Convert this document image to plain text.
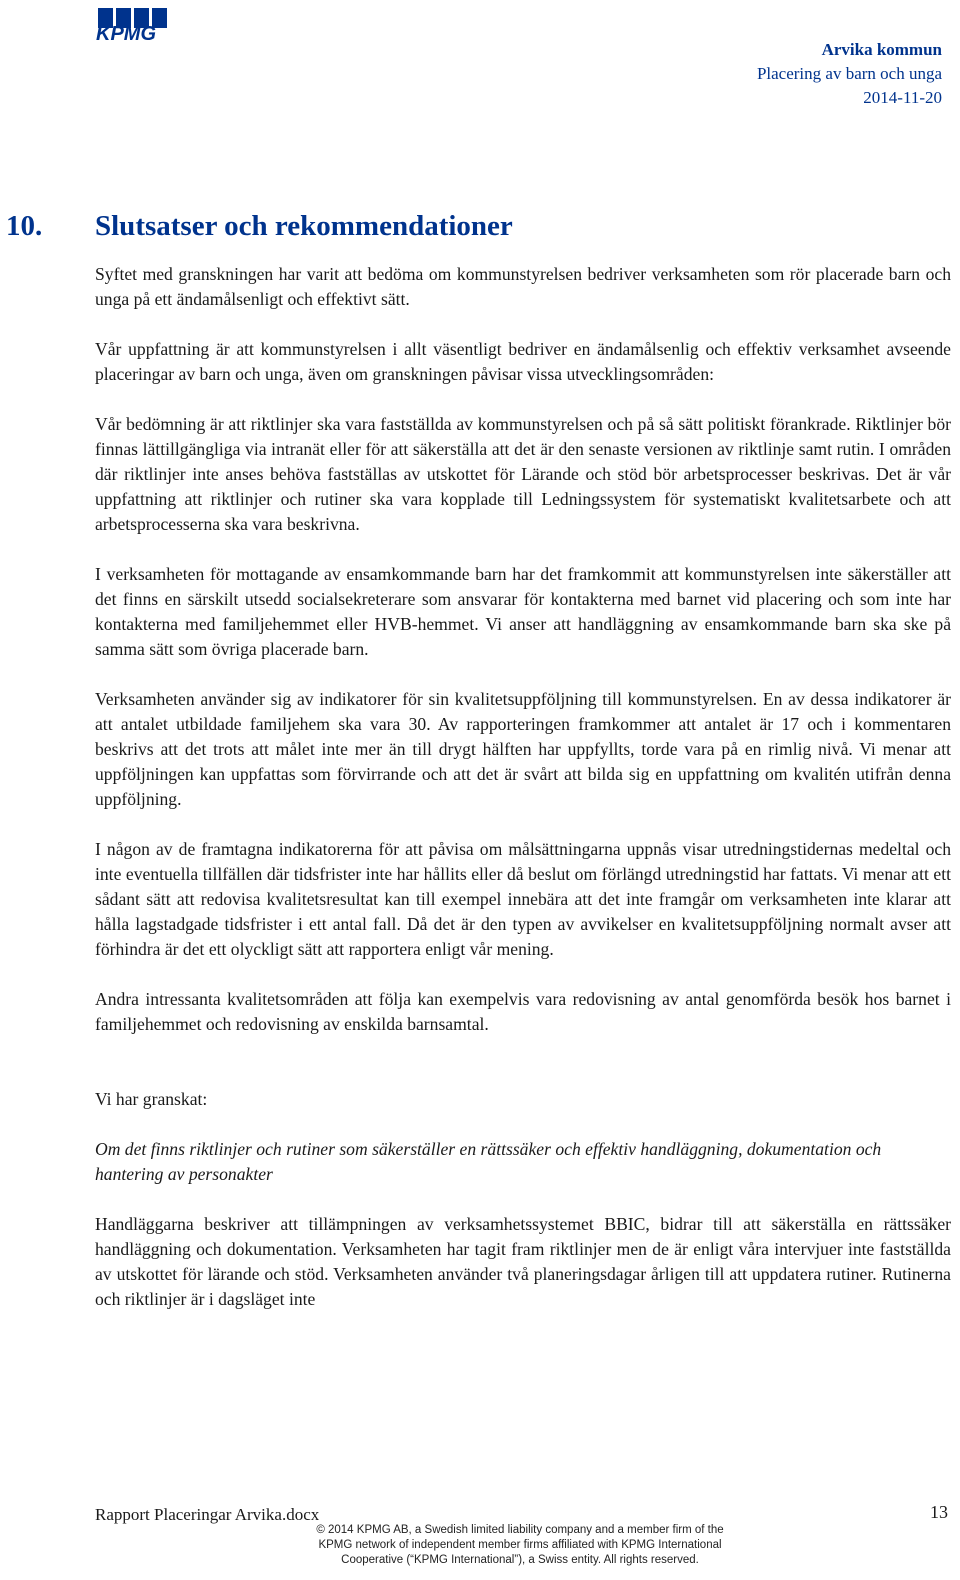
KPMG
Arvika kommun
Placering av barn och unga
2014-11-20
10. Slutsatser och rekommendationer

Syftet med granskningen har varit att bedöma om kommunstyrelsen bedriver verksamheten som rör placerade barn och unga på ett ändamålsenligt och effektivt sätt.

Vår uppfattning är att kommunstyrelsen i allt väsentligt bedriver en ändamålsenlig och effektiv verksamhet avseende placeringar av barn och unga, även om granskningen påvisar vissa utvecklingsområden:

Vår bedömning är att riktlinjer ska vara fastställda av kommunstyrelsen och på så sätt politiskt förankrade. Riktlinjer bör finnas lättillgängliga via intranät eller för att säkerställa att det är den senaste versionen av riktlinje samt rutin. I områden där riktlinjer inte anses behöva fastställas av utskottet för Lärande och stöd bör arbetsprocesser beskrivas. Det är vår uppfattning att riktlinjer och rutiner ska vara kopplade till Ledningssystem för systematiskt kvalitetsarbete och att arbetsprocesserna ska vara beskrivna.

I verksamheten för mottagande av ensamkommande barn har det framkommit att kommunstyrelsen inte säkerställer att det finns en särskilt utsedd socialsekreterare som ansvarar för kontakterna med barnet vid placering och som inte har kontakterna med familjehemmet eller HVB-hemmet. Vi anser att handläggning av ensamkommande barn ska ske på samma sätt som övriga placerade barn.

Verksamheten använder sig av indikatorer för sin kvalitetsuppföljning till kommunstyrelsen. En av dessa indikatorer är att antalet utbildade familjehem ska vara 30. Av rapporteringen framkommer att antalet är 17 och i kommentaren beskrivs att det trots att målet inte mer än till drygt hälften har uppfyllts, torde vara på en rimlig nivå. Vi menar att uppföljningen kan uppfattas som förvirrande och att det är svårt att bilda sig en uppfattning om kvalitén utifrån denna uppföljning.

I någon av de framtagna indikatorerna för att påvisa om målsättningarna uppnås visar utredningstidernas medeltal och inte eventuella tillfällen där tidsfrister inte har hållits eller då beslut om förlängd utredningstid har fattats. Vi menar att ett sådant sätt att redovisa kvalitetsresultat kan till exempel innebära att det inte framgår om verksamheten inte klarar att hålla lagstadgade tidsfrister i ett antal fall. Då det är den typen av avvikelser en kvalitetsuppföljning normalt avser att förhindra är det ett olyckligt sätt att rapportera enligt vår mening.

Andra intressanta kvalitetsområden att följa kan exempelvis vara redovisning av antal genomförda besök hos barnet i familjehemmet och redovisning av enskilda barnsamtal.

Vi har granskat:

Om det finns riktlinjer och rutiner som säkerställer en rättssäker och effektiv handläggning, dokumentation och hantering av personakter

Handläggarna beskriver att tillämpningen av verksamhetssystemet BBIC, bidrar till att säkerställa en rättssäker handläggning och dokumentation. Verksamheten har tagit fram riktlinjer men de är enligt våra intervjuer inte fastställda av utskottet för lärande och stöd. Verksamheten använder två planeringsdagar årligen till att uppdatera rutiner. Rutinerna och riktlinjer är i dagsläget inte

Rapport Placeringar Arvika.docx	13
© 2014 KPMG AB, a Swedish limited liability company and a member firm of the
KPMG network of independent member firms affiliated with KPMG International
Cooperative (“KPMG International”), a Swiss entity. All rights reserved.
